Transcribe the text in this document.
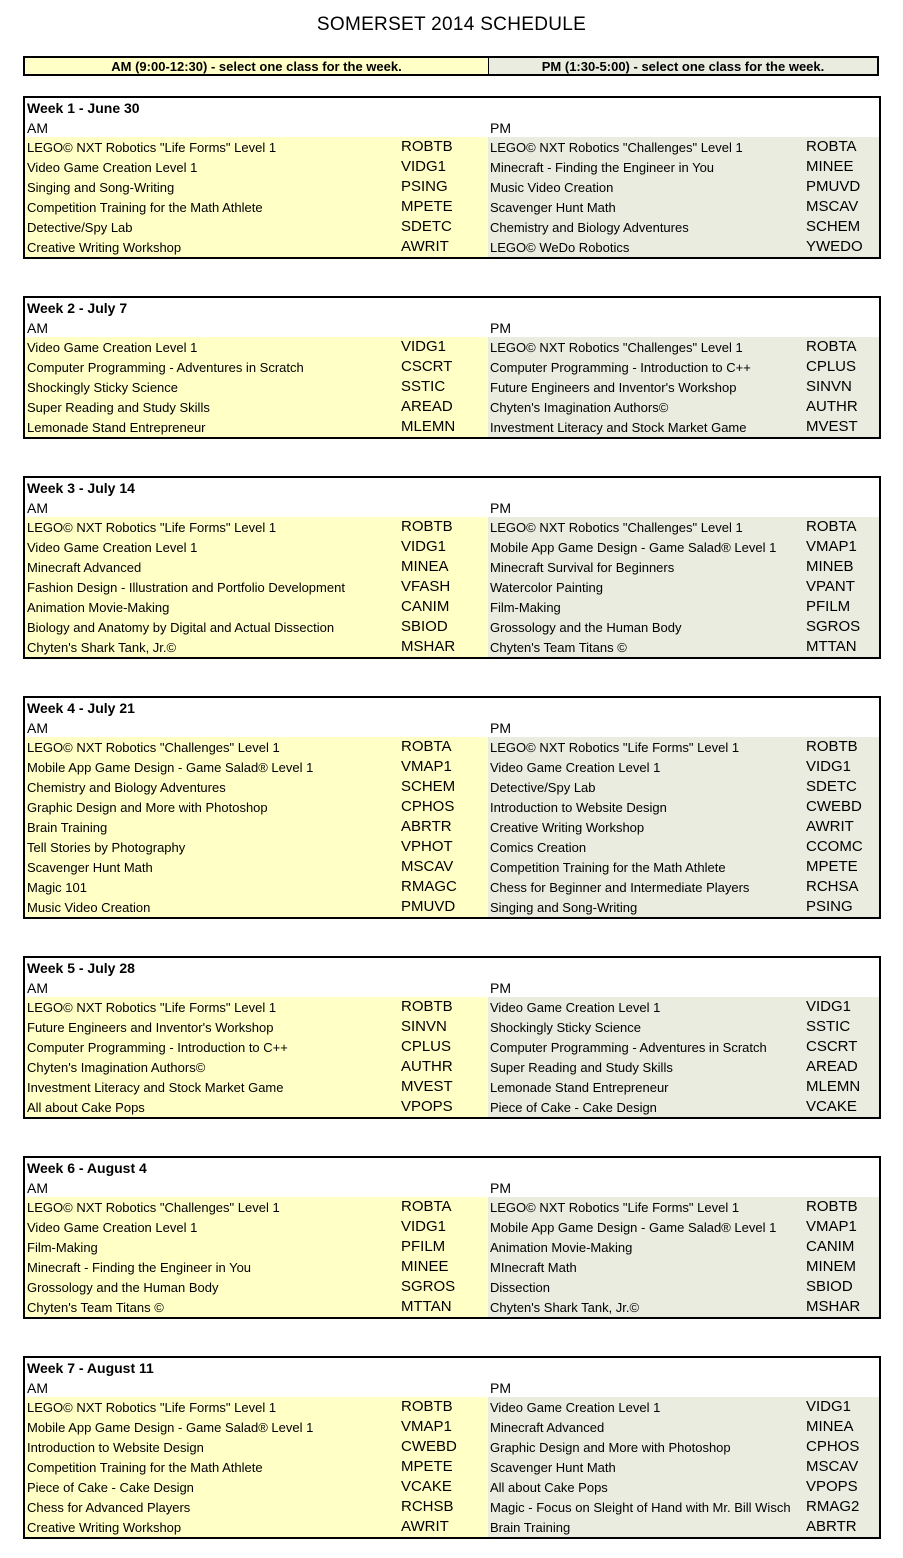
SOMERSET 2014 SCHEDULE
AM (9:00-12:30) - select one class for the week.	PM (1:30-5:00) - select one class for the week.
Week 1 - June 30
AM	PM
LEGO© NXT Robotics "Life Forms" Level 1	ROBTB	LEGO© NXT Robotics "Challenges" Level 1	ROBTA
Video Game Creation Level 1	VIDG1	Minecraft - Finding the Engineer in You	MINEE
Singing and Song-Writing	PSING	Music Video Creation	PMUVD
Competition Training for the Math Athlete	MPETE	Scavenger Hunt Math	MSCAV
Detective/Spy Lab	SDETC	Chemistry and Biology Adventures	SCHEM
Creative Writing Workshop	AWRIT	LEGO© WeDo Robotics	YWEDO
Week 2 - July 7
AM	PM
Video Game Creation Level 1	VIDG1	LEGO© NXT Robotics "Challenges" Level 1	ROBTA
Computer Programming - Adventures in Scratch	CSCRT	Computer Programming - Introduction to C++	CPLUS
Shockingly Sticky Science	SSTIC	Future Engineers and Inventor's Workshop	SINVN
Super Reading and Study Skills	AREAD	Chyten's Imagination Authors©	AUTHR
Lemonade Stand Entrepreneur	MLEMN	Investment Literacy and Stock Market Game	MVEST
Week 3 - July 14
AM	PM
LEGO© NXT Robotics "Life Forms" Level 1	ROBTB	LEGO© NXT Robotics "Challenges" Level 1	ROBTA
Video Game Creation Level 1	VIDG1	Mobile App Game Design - Game Salad® Level 1 VMAP1
Minecraft Advanced	MINEA	Minecraft Survival for Beginners	MINEB
Fashion Design - Illustration and Portfolio Development	VFASH	Watercolor Painting	VPANT
Animation Movie-Making	CANIM	Film-Making	PFILM
Biology and Anatomy by Digital and Actual Dissection	SBIOD	Grossology and the Human Body	SGROS
Chyten's Shark Tank, Jr.©	MSHAR	Chyten's Team Titans ©	MTTAN
Week 4 - July 21
AM	PM
LEGO© NXT Robotics "Challenges" Level 1	ROBTA	LEGO© NXT Robotics "Life Forms" Level 1	ROBTB
Mobile App Game Design - Game Salad® Level 1	VMAP1	Video Game Creation Level 1	VIDG1
Chemistry and Biology Adventures	SCHEM	Detective/Spy Lab	SDETC
Graphic Design and More with Photoshop	CPHOS	Introduction to Website Design	CWEBD
Brain Training	ABRTR	Creative Writing Workshop	AWRIT
Tell Stories by Photography	VPHOT	Comics Creation	CCOMC
Scavenger Hunt Math	MSCAV	Competition Training for the Math Athlete	MPETE
Magic 101	RMAGC	Chess for Beginner and Intermediate Players	RCHSA
Music Video Creation	PMUVD	Singing and Song-Writing	PSING
Week 5 - July 28
AM	PM
LEGO© NXT Robotics "Life Forms" Level 1	ROBTB	Video Game Creation Level 1	VIDG1
Future Engineers and Inventor's Workshop	SINVN	Shockingly Sticky Science	SSTIC
Computer Programming - Introduction to C++	CPLUS	Computer Programming - Adventures in Scratch	CSCRT
Chyten's Imagination Authors©	AUTHR	Super Reading and Study Skills	AREAD
Investment Literacy and Stock Market Game	MVEST	Lemonade Stand Entrepreneur	MLEMN
All about Cake Pops	VPOPS	Piece of Cake - Cake Design	VCAKE
Week 6 - August 4
AM	PM
LEGO© NXT Robotics "Challenges" Level 1	ROBTA	LEGO© NXT Robotics "Life Forms" Level 1	ROBTB
Video Game Creation Level 1	VIDG1	Mobile App Game Design - Game Salad® Level 1 VMAP1
Film-Making	PFILM	Animation Movie-Making	CANIM
Minecraft - Finding the Engineer in You	MINEE	MInecraft Math	MINEM
Grossology and the Human Body	SGROS	Dissection	SBIOD
Chyten's Team Titans ©	MTTAN	Chyten's Shark Tank, Jr.©	MSHAR
Week 7 - August 11
AM	PM
LEGO© NXT Robotics "Life Forms" Level 1	ROBTB	Video Game Creation Level 1	VIDG1
Mobile App Game Design - Game Salad® Level 1	VMAP1	Minecraft Advanced	MINEA
Introduction to Website Design	CWEBD	Graphic Design and More with Photoshop	CPHOS
Competition Training for the Math Athlete	MPETE	Scavenger Hunt Math	MSCAV
Piece of Cake - Cake Design	VCAKE	All about Cake Pops	VPOPS
Chess for Advanced Players	RCHSB	Magic - Focus on Sleight of Hand with Mr. Bill Wisch RMAG2
Creative Writing Workshop	AWRIT	Brain Training	ABRTR
